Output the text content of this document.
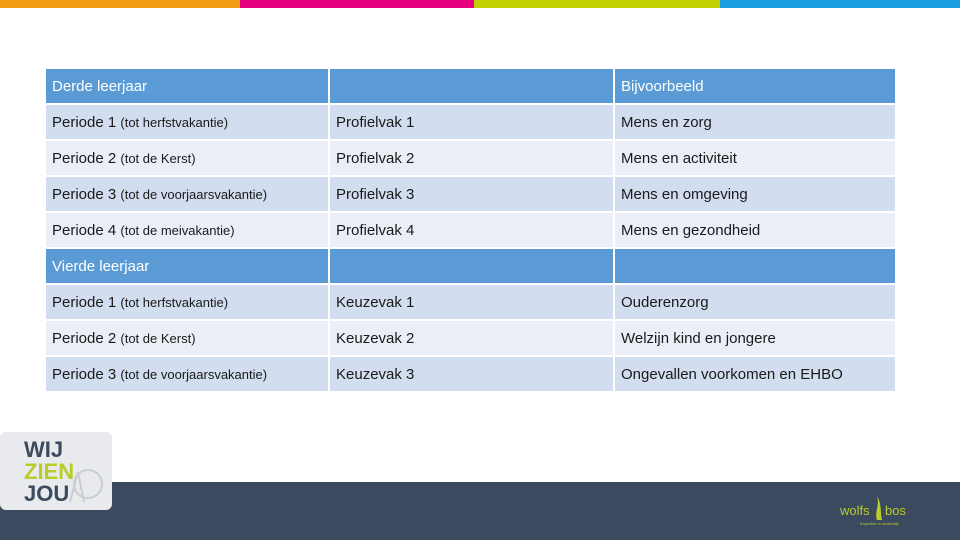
Derde leerjaar		Bijvoorbeeld
Periode 1 (tot herfstvakantie)	Profielvak 1	Mens en zorg
Periode 2 (tot de Kerst)	Profielvak 2	Mens en activiteit
Periode 3 (tot de voorjaarsvakantie)	Profielvak 3	Mens en omgeving
Periode 4 (tot de meivakantie)	Profielvak 4	Mens en gezondheid
Vierde leerjaar		
Periode 1 (tot herfstvakantie)	Keuzevak 1	Ouderenzorg
Periode 2 (tot de Kerst)	Keuzevak 2	Welzijn kind en jongere
Periode 3 (tot de voorjaarsvakantie)	Keuzevak 3	Ongevallen voorkomen en EHBO
WIJ
ZIEN
JOU
wolfs bos
Expertise in onderwijs
